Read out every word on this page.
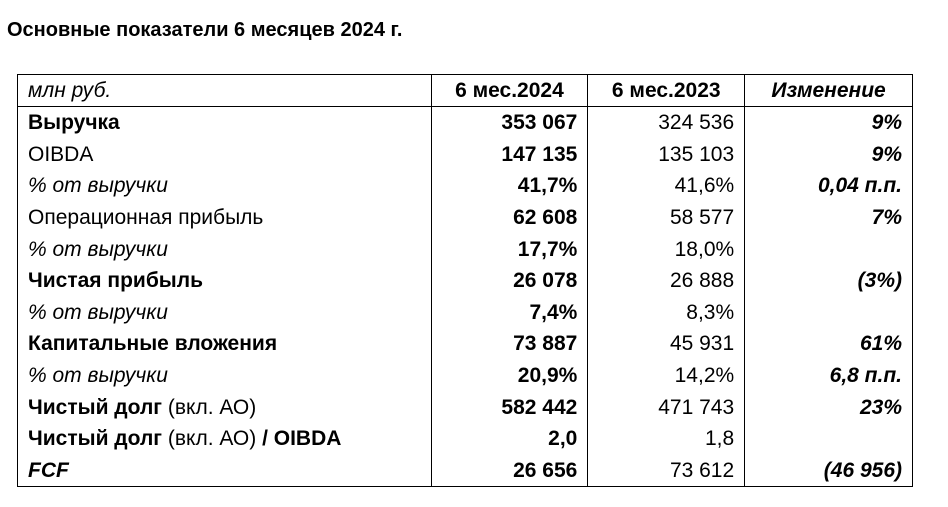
Основные показатели 6 месяцев 2024 г.
млн руб.	6 мес.2024	6 мес.2023	Изменение
Выручка	353 067	324 536	9%
OIBDA	147 135	135 103	9%
% от выручки	41,7%	41,6%	0,04 п.п.
Операционная прибыль	62 608	58 577	7%
% от выручки	17,7%	18,0%	
Чистая прибыль	26 078	26 888	(3%)
% от выручки	7,4%	8,3%	
Капитальные вложения	73 887	45 931	61%
% от выручки	20,9%	14,2%	6,8 п.п.
Чистый долг (вкл. АО)	582 442	471 743	23%
Чистый долг (вкл. АО) / OIBDA	2,0	1,8	
FCF	26 656	73 612	(46 956)
